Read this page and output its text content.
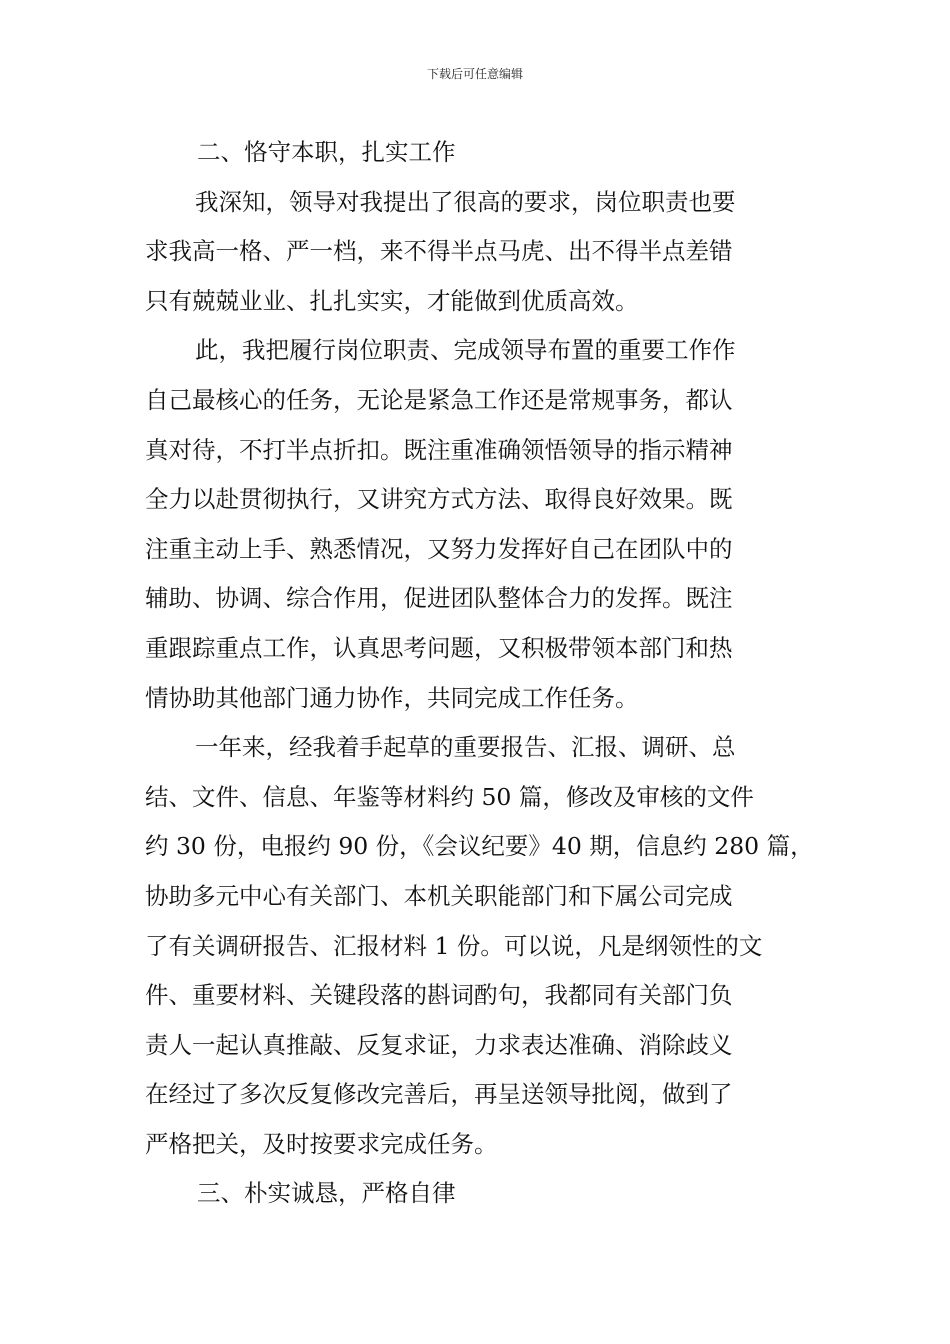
下载后可任意编辑
二、恪守本职，扎实工作
我深知，领导对我提出了很高的要求，岗位职责也要
求我高一格、严一档，来不得半点马虎、出不得半点差错
只有兢兢业业、扎扎实实，才能做到优质高效。
此，我把履行岗位职责、完成领导布置的重要工作作
自己最核心的任务，无论是紧急工作还是常规事务，都认
真对待，不打半点折扣。既注重准确领悟领导的指示精神
全力以赴贯彻执行，又讲究方式方法、取得良好效果。既
注重主动上手、熟悉情况，又努力发挥好自己在团队中的
辅助、协调、综合作用，促进团队整体合力的发挥。既注
重跟踪重点工作，认真思考问题，又积极带领本部门和热
情协助其他部门通力协作，共同完成工作任务。
一年来，经我着手起草的重要报告、汇报、调研、总
结、文件、信息、年鉴等材料约 50 篇，修改及审核的文件
约 30 份，电报约 90 份，《会议纪要》40 期，信息约 280 篇，
协助多元中心有关部门、本机关职能部门和下属公司完成
了有关调研报告、汇报材料 1 份。可以说，凡是纲领性的文
件、重要材料、关键段落的斟词酌句，我都同有关部门负
责人一起认真推敲、反复求证，力求表达准确、消除歧义
在经过了多次反复修改完善后，再呈送领导批阅，做到了
严格把关，及时按要求完成任务。
三、朴实诚恳，严格自律
